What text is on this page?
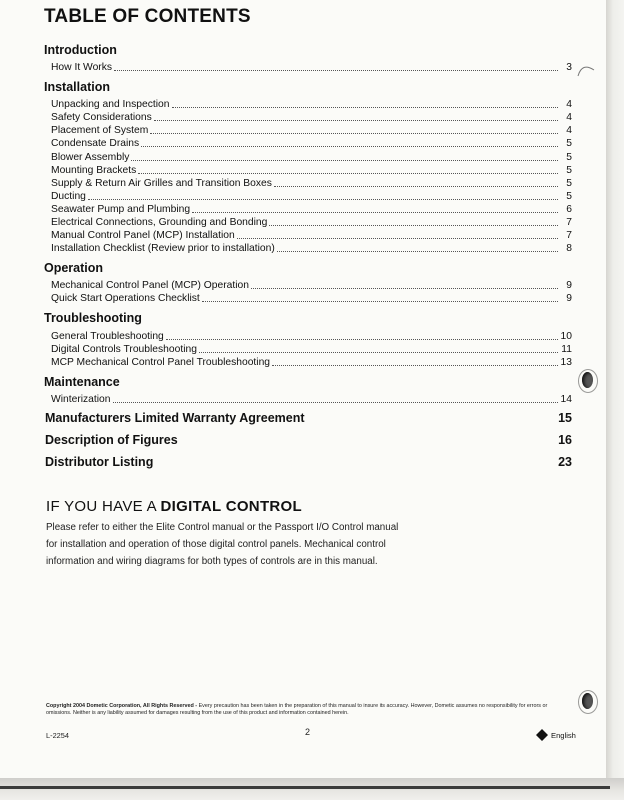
TABLE OF CONTENTS
Introduction
How It Works	3
Installation
Unpacking and Inspection	4
Safety Considerations	4
Placement of System	4
Condensate Drains	5
Blower Assembly	5
Mounting Brackets	5
Supply & Return Air Grilles and Transition Boxes	5
Ducting	5
Seawater Pump and Plumbing	6
Electrical Connections, Grounding and Bonding	7
Manual Control Panel (MCP) Installation	7
Installation Checklist (Review prior to installation)	8
Operation
Mechanical Control Panel (MCP) Operation	9
Quick Start Operations Checklist	9
Troubleshooting
General Troubleshooting	10
Digital Controls Troubleshooting	11
MCP Mechanical Control Panel Troubleshooting	13
Maintenance
Winterization	14
Manufacturers Limited Warranty Agreement	15
Description of Figures	16
Distributor Listing	23
IF YOU HAVE A DIGITAL CONTROL
Please refer to either the Elite Control manual or the Passport I/O Control manual
for installation and operation of those digital control panels. Mechanical control
information and wiring diagrams for both types of controls are in this manual.
Copyright 2004 Dometic Corporation, All Rights Reserved - Every precaution has been taken in the preparation of this manual to insure its accuracy. However, Dometic assumes no responsibility for errors or omissions. Neither is any liability assumed for damages resulting from the use of this product and information contained herein.
L-2254	2	English
